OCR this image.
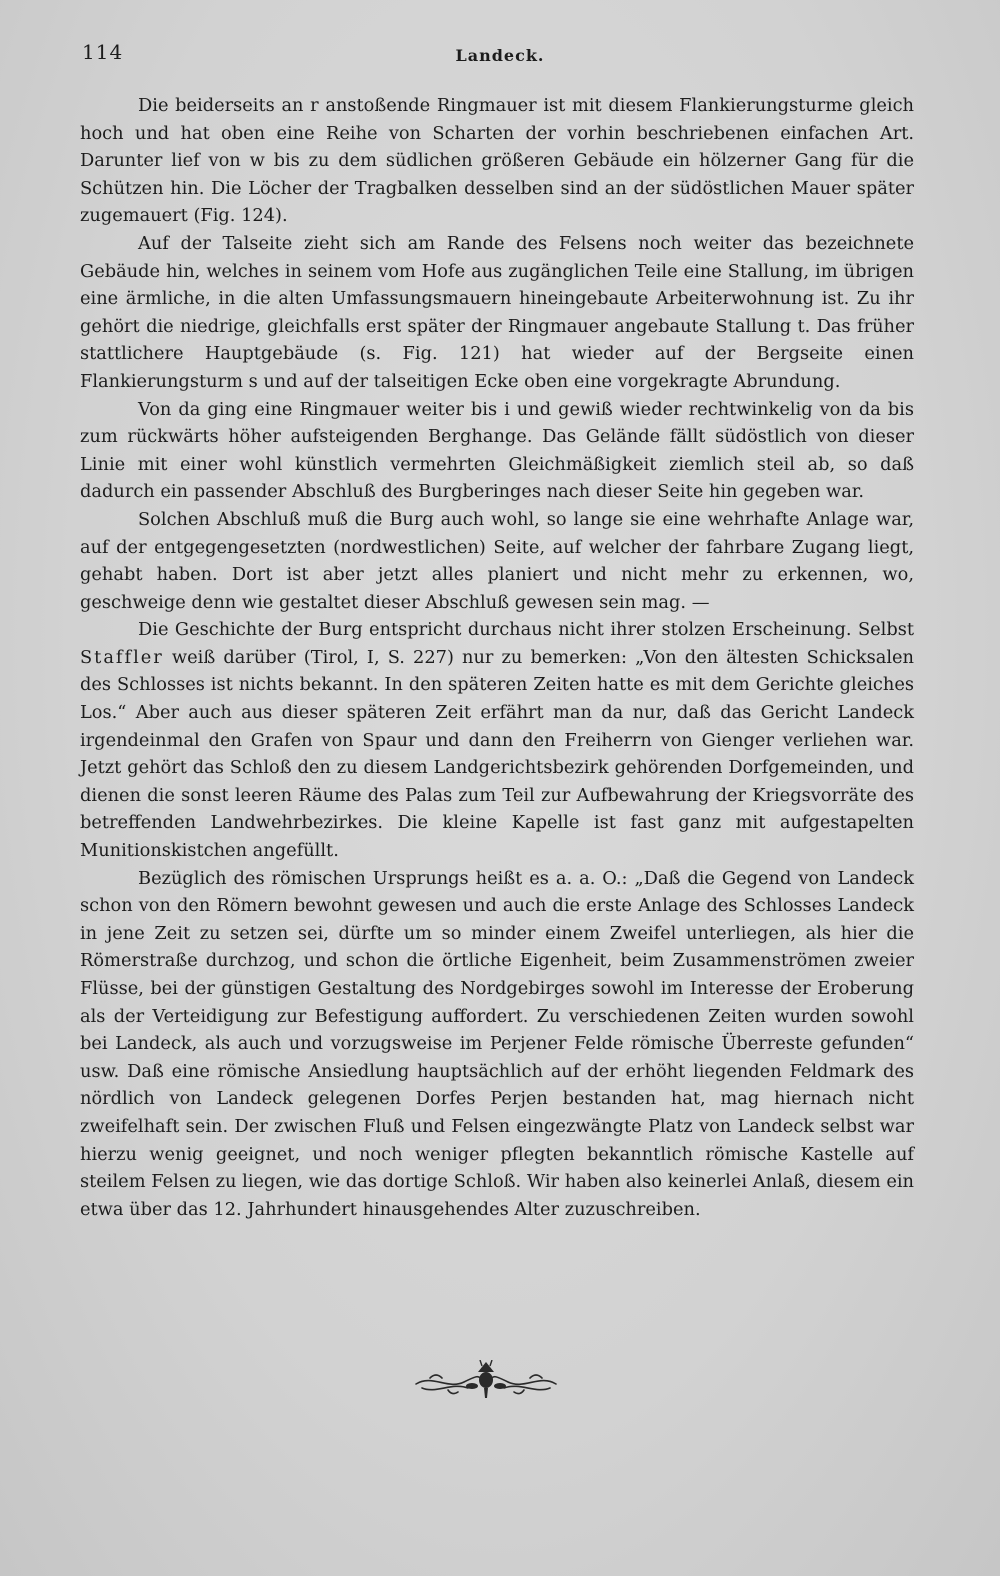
114	Landeck.

Die beiderseits an r anstoßende Ringmauer ist mit diesem Flankierungsturme gleich hoch und hat oben eine Reihe von Scharten der vorhin beschriebenen einfachen Art. Darunter lief von w bis zu dem südlichen größeren Gebäude ein hölzerner Gang für die Schützen hin. Die Löcher der Tragbalken desselben sind an der südöstlichen Mauer später zugemauert (Fig. 124).

Auf der Talseite zieht sich am Rande des Felsens noch weiter das bezeichnete Gebäude hin, welches in seinem vom Hofe aus zugänglichen Teile eine Stallung, im übrigen eine ärmliche, in die alten Umfassungsmauern hineingebaute Arbeiterwohnung ist. Zu ihr gehört die niedrige, gleichfalls erst später der Ringmauer angebaute Stallung t. Das früher stattlichere Hauptgebäude (s. Fig. 121) hat wieder auf der Bergseite einen Flankierungsturm s und auf der talseitigen Ecke oben eine vorgekragte Abrundung.

Von da ging eine Ringmauer weiter bis i und gewiß wieder rechtwinkelig von da bis zum rückwärts höher aufsteigenden Berghange. Das Gelände fällt südöstlich von dieser Linie mit einer wohl künstlich vermehrten Gleichmäßigkeit ziemlich steil ab, so daß dadurch ein passender Abschluß des Burgberinges nach dieser Seite hin gegeben war.

Solchen Abschluß muß die Burg auch wohl, so lange sie eine wehrhafte Anlage war, auf der entgegengesetzten (nordwestlichen) Seite, auf welcher der fahrbare Zugang liegt, gehabt haben. Dort ist aber jetzt alles planiert und nicht mehr zu erkennen, wo, geschweige denn wie gestaltet dieser Abschluß gewesen sein mag. —

Die Geschichte der Burg entspricht durchaus nicht ihrer stolzen Erscheinung. Selbst Staffler weiß darüber (Tirol, I, S. 227) nur zu bemerken: „Von den ältesten Schicksalen des Schlosses ist nichts bekannt. In den späteren Zeiten hatte es mit dem Gerichte gleiches Los.“ Aber auch aus dieser späteren Zeit erfährt man da nur, daß das Gericht Landeck irgendeinmal den Grafen von Spaur und dann den Freiherrn von Gienger verliehen war. Jetzt gehört das Schloß den zu diesem Landgerichtsbezirk gehörenden Dorfgemeinden, und dienen die sonst leeren Räume des Palas zum Teil zur Aufbewahrung der Kriegsvorräte des betreffenden Landwehrbezirkes. Die kleine Kapelle ist fast ganz mit aufgestapelten Munitionskistchen angefüllt.

Bezüglich des römischen Ursprungs heißt es a. a. O.: „Daß die Gegend von Landeck schon von den Römern bewohnt gewesen und auch die erste Anlage des Schlosses Landeck in jene Zeit zu setzen sei, dürfte um so minder einem Zweifel unterliegen, als hier die Römerstraße durchzog, und schon die örtliche Eigenheit, beim Zusammenströmen zweier Flüsse, bei der günstigen Gestaltung des Nordgebirges sowohl im Interesse der Eroberung als der Verteidigung zur Befestigung auffordert. Zu verschiedenen Zeiten wurden sowohl bei Landeck, als auch und vorzugsweise im Perjener Felde römische Überreste gefunden“ usw. Daß eine römische Ansiedlung hauptsächlich auf der erhöht liegenden Feldmark des nördlich von Landeck gelegenen Dorfes Perjen bestanden hat, mag hiernach nicht zweifelhaft sein. Der zwischen Fluß und Felsen eingezwängte Platz von Landeck selbst war hierzu wenig geeignet, und noch weniger pflegten bekanntlich römische Kastelle auf steilem Felsen zu liegen, wie das dortige Schloß. Wir haben also keinerlei Anlaß, diesem ein etwa über das 12. Jahrhundert hinausgehendes Alter zuzuschreiben.
